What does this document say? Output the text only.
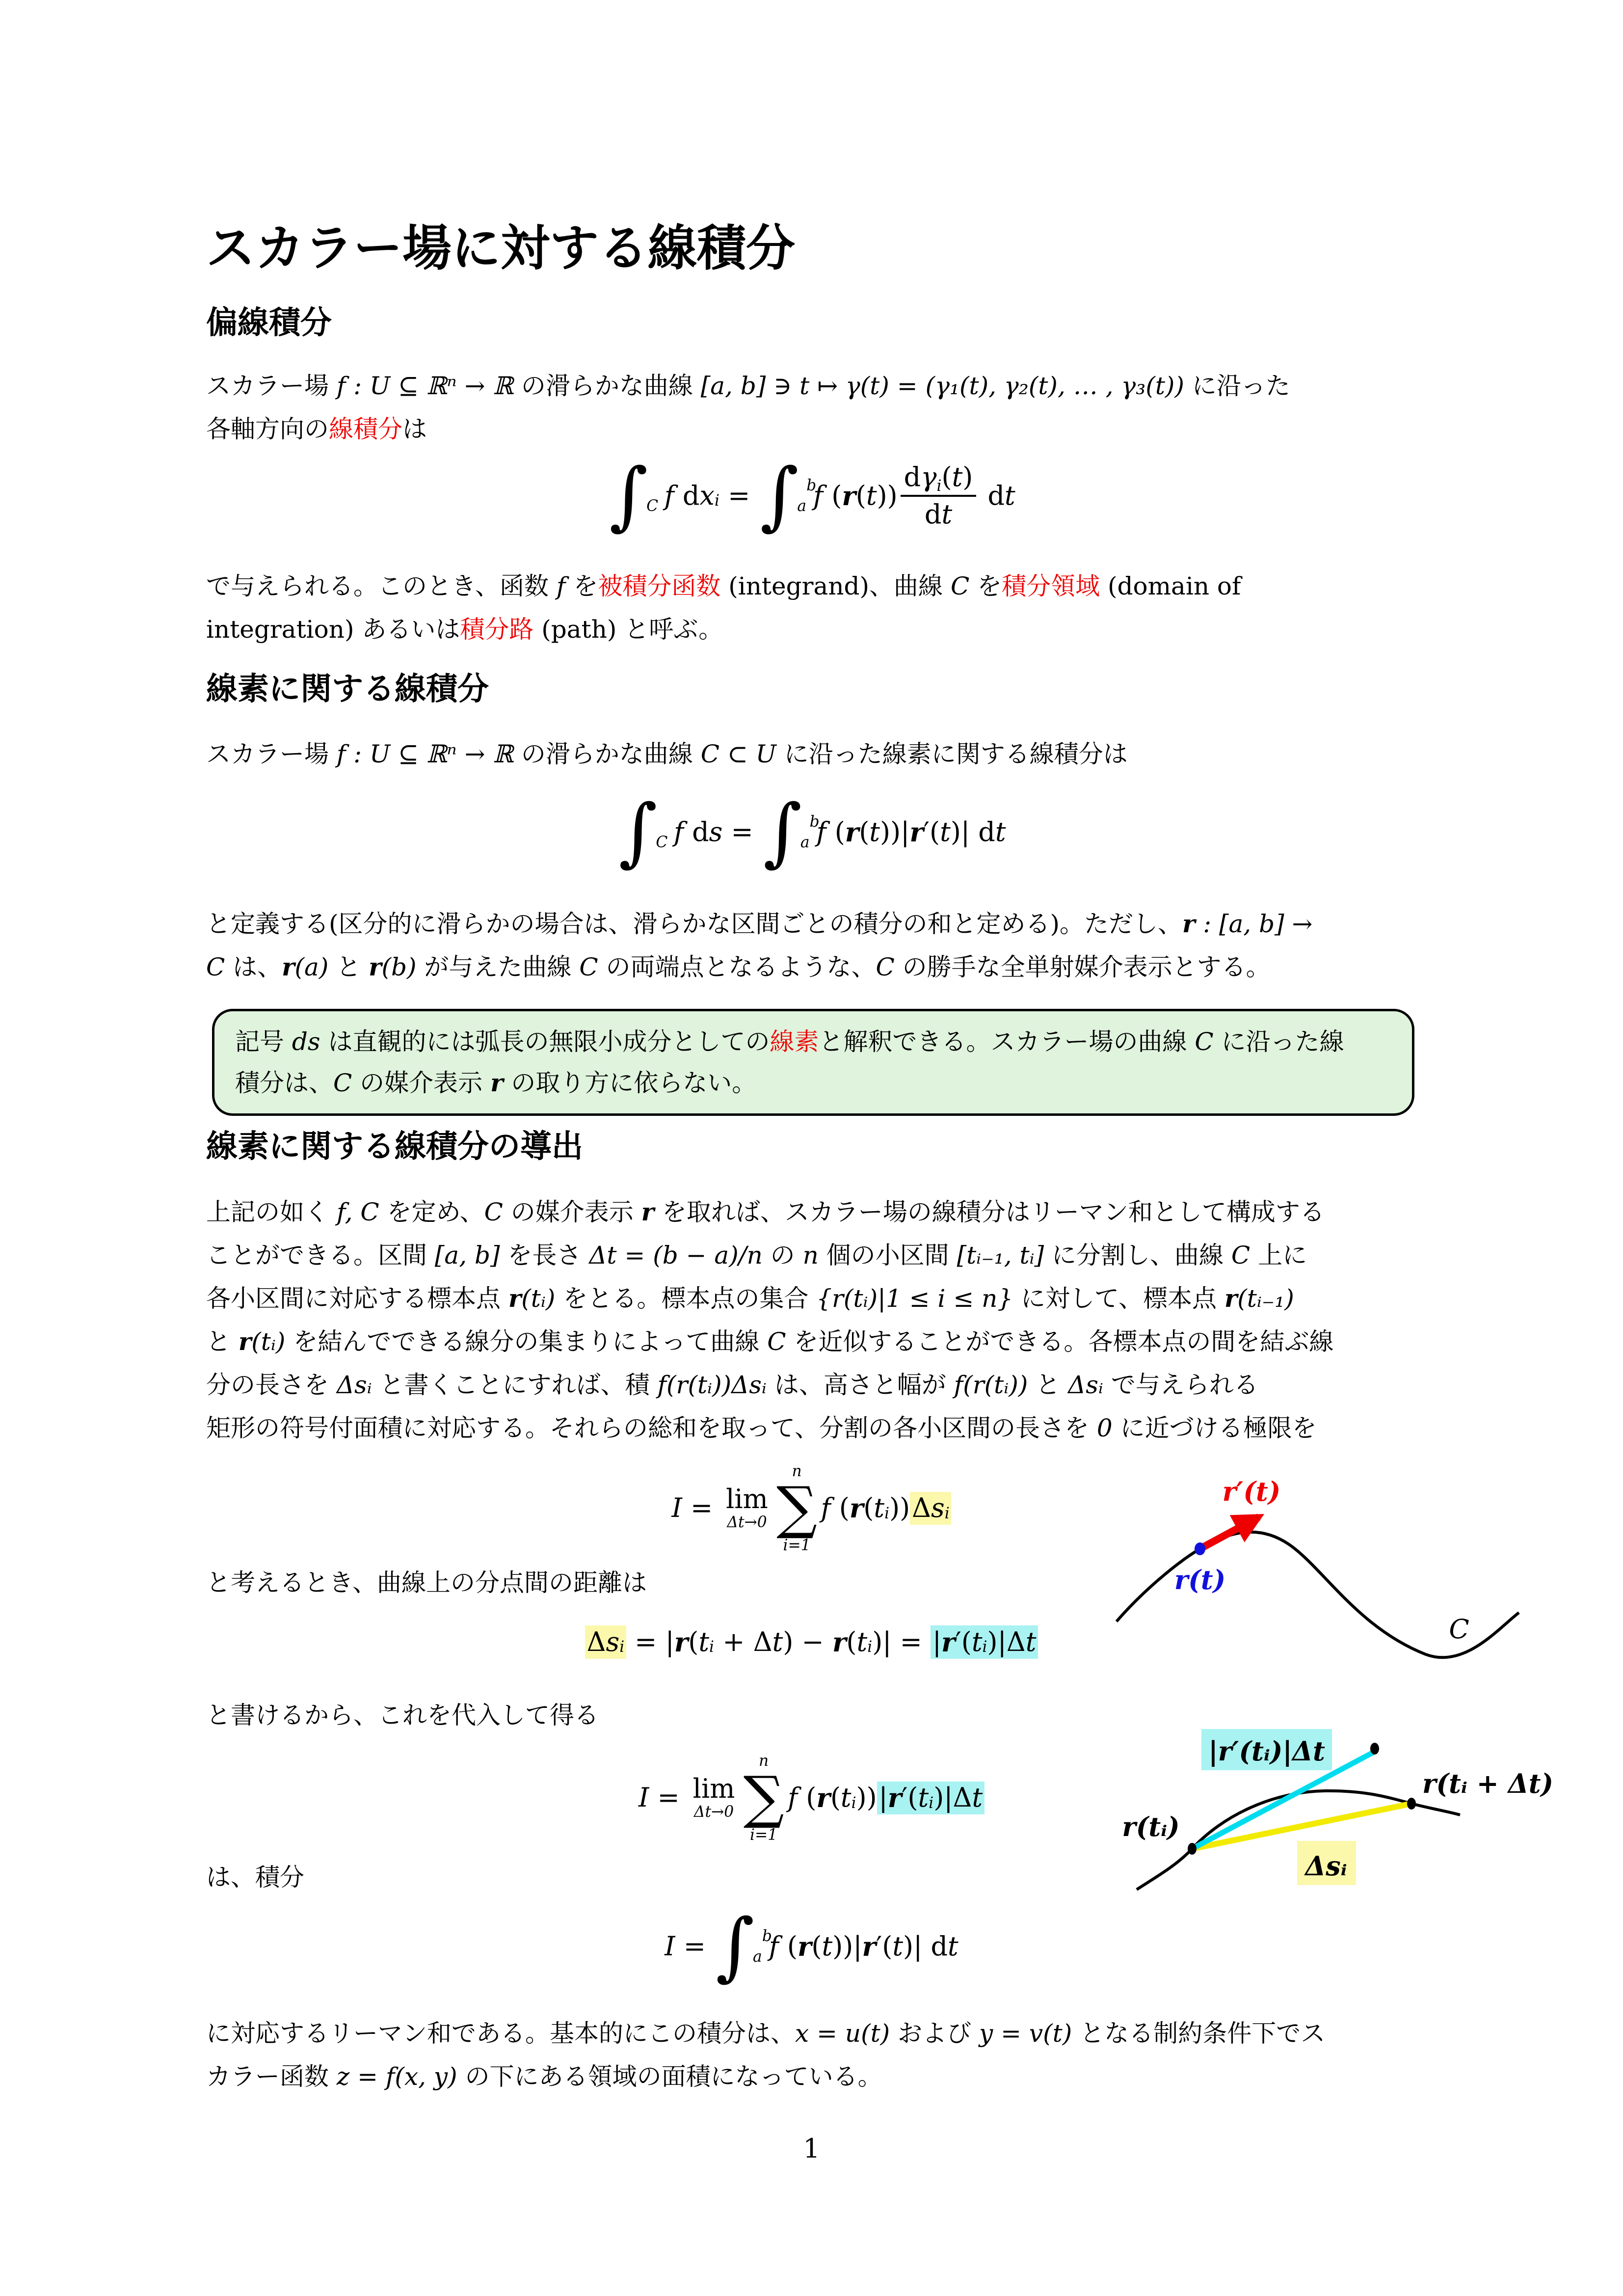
スカラー場に対する線積分
偏線積分
スカラー場 f : U ⊆ ℝⁿ → ℝ の滑らかな曲線 [a, b] ∋ t ↦ γ(t) = (γ₁(t), γ₂(t), … , γ₃(t)) に沿った
各軸方向の線積分は
∫

C f d x i = ∫ b
a f ( r ( t ))
dγi(t)
dt
d t
で与えられる。このとき、函数 f を被積分函数 (integrand)、曲線 C を積分領域 (domain of
integration) あるいは積分路 (path) と呼ぶ。
線素に関する線積分
スカラー場 f : U ⊆ ℝⁿ → ℝ の滑らかな曲線 C ⊂ U に沿った線素に関する線積分は
∫

C f d s = ∫ b
a f ( r ( t )) | r ′( t )| d t
と定義する(区分的に滑らかの場合は、滑らかな区間ごとの積分の和と定める)。ただし、r : [a, b] →
C は、r(a) と r(b) が与えた曲線 C の両端点となるような、C の勝手な全単射媒介表示とする。
記号 ds は直観的には弧長の無限小成分としての線素と解釈できる。スカラー場の曲線 C に沿った線
積分は、C の媒介表示 r の取り方に依らない。
線素に関する線積分の導出
上記の如く f, C を定め、C の媒介表示 r を取れば、スカラー場の線積分はリーマン和として構成する
ことができる。区間 [a, b] を長さ Δt = (b − a)/n の n 個の小区間 [tᵢ₋₁, tᵢ] に分割し、曲線 C 上に
各小区間に対応する標本点 r(tᵢ) をとる。標本点の集合 {r(tᵢ)|1 ≤ i ≤ n} に対して、標本点 r(tᵢ₋₁)
と r(tᵢ) を結んでできる線分の集まりによって曲線 C を近似することができる。各標本点の間を結ぶ線
分の長さを Δsᵢ と書くことにすれば、積 f(r(tᵢ))Δsᵢ は、高さと幅が f(r(tᵢ)) と Δsᵢ で与えられる
矩形の符号付面積に対応する。それらの総和を取って、分割の各小区間の長さを 0 に近づける極限を
I = lim
Δt→0
n
∑
i=1
f ( r ( t i )) Δ s i
r′(t)
r(t)
C
と考えるとき、曲線上の分点間の距離は
Δ s i = | r ( t i + Δ t ) − r ( t i )| = | r ′( t i )|Δ t
と書けるから、これを代入して得る
I = lim
Δt→0
n
∑
i=1
f ( r ( t i )) | r ′( t i )|Δ t
|r′(tᵢ)|Δt
r(tᵢ + Δt)
r(tᵢ)
Δsᵢ
は、積分
I = ∫ b
a f ( r ( t )) | r ′( t )| d t
に対応するリーマン和である。基本的にこの積分は、x = u(t) および y = v(t) となる制約条件下でス
カラー函数 z = f(x, y) の下にある領域の面積になっている。
1
